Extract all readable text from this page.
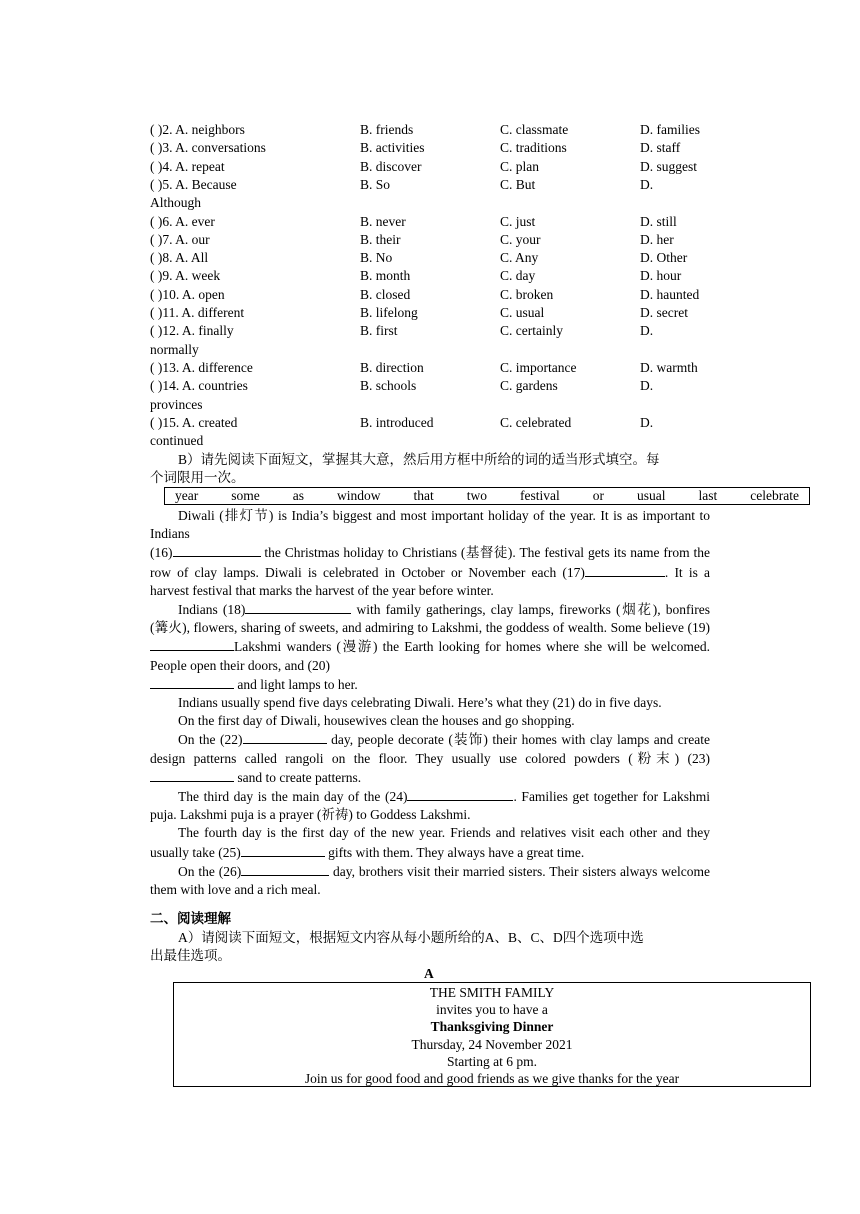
( )2. A. neighbors	B. friends	C. classmate	D. families
( )3. A. conversations	B. activities	C. traditions	D. staff
( )4. A. repeat	B. discover	C. plan	D. suggest
( )5. A. Because	B. So	C. But	D.
Although
( )6. A. ever	B. never	C. just	D. still
( )7. A. our	B. their	C. your	D. her
( )8. A. All	B. No	C. Any	D. Other
( )9. A. week	B. month	C. day	D. hour
( )10. A. open	B. closed	C. broken	D. haunted
( )11. A. different	B. lifelong	C. usual	D. secret
( )12. A. finally	B. first	C. certainly	D.
normally
( )13. A. difference	B. direction	C. importance	D. warmth
( )14. A. countries	B. schools	C. gardens	D.
provinces
( )15. A. created	B. introduced	C. celebrated	D.
continued

B）请先阅读下面短文，掌握其大意，然后用方框中所给的词的适当形式填空。每

个词限用一次。

year some as window that two festival or usual last celebrate

Diwali (排灯节) is India’s biggest and most important holiday of the year. It is as important to Indians

(16)	the Christmas holiday to Christians (基督徒). The festival gets its name from the row of clay lamps. Diwali is celebrated in October or November each (17)	. It is a harvest festival that marks the harvest of the year before winter.

Indians (18)	with family gatherings, clay lamps, fireworks (烟花), bonfires (篝火), flowers, sharing of sweets, and admiring to Lakshmi, the goddess of wealth. Some believe (19)Lakshmi wanders (漫游) the Earth looking for homes where she will be welcomed. People open their doors, and (20)
and light lamps to her.

Indians usually spend five days celebrating Diwali. Here’s what they (21) do in five days.

On the first day of Diwali, housewives clean the houses and go shopping.

On the (22)	day, people decorate (装饰) their homes with clay lamps and create design patterns called rangoli on the floor. They usually use colored powders (粉末) (23) sand to create patterns.

The third day is the main day of the (24)	. Families get together for Lakshmi puja. Lakshmi puja is a prayer (祈祷) to Goddess Lakshmi.

The fourth day is the first day of the new year. Friends and relatives visit each other and they usually take (25)	gifts with them. They always have a great time.

On the (26)	day, brothers visit their married sisters. Their sisters always welcome them with love and a rich meal.

二、阅读理解

A）请阅读下面短文，根据短文内容从每小题所给的A、B、C、D四个选项中选

出最佳选项。

A
THE SMITH FAMILY
invites you to have a
Thanksgiving Dinner
Thursday, 24 November 2021
Starting at 6 pm.
Join us for good food and good friends as we give thanks for the year
